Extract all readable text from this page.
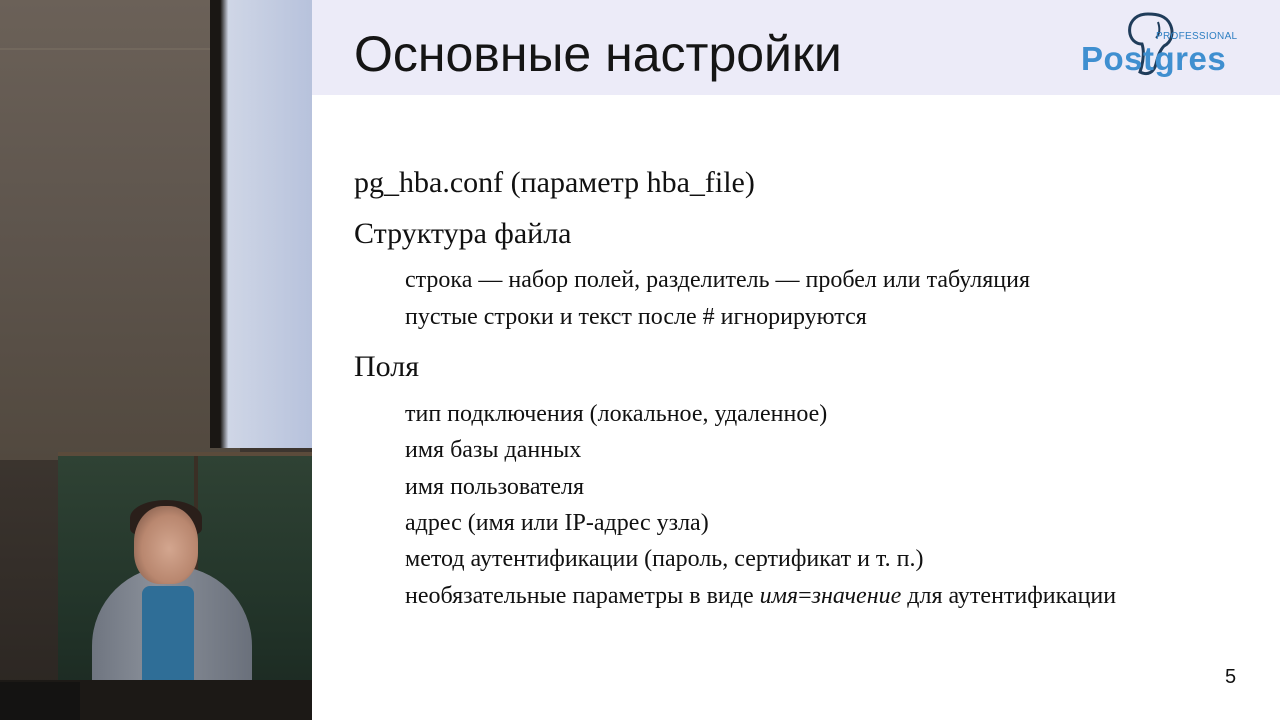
Основные настройки	PROFESSIONAL
Postgres
pg_hba.conf (параметр hba_file)
Структура файла
строка — набор полей, разделитель — пробел или табуляция
пустые строки и текст после # игнорируются
Поля
тип подключения (локальное, удаленное)
имя базы данных
имя пользователя
адрес (имя или IP-адрес узла)
метод аутентификации (пароль, сертификат и т. п.)
необязательные параметры в виде имя=значение для аутентификации
5
